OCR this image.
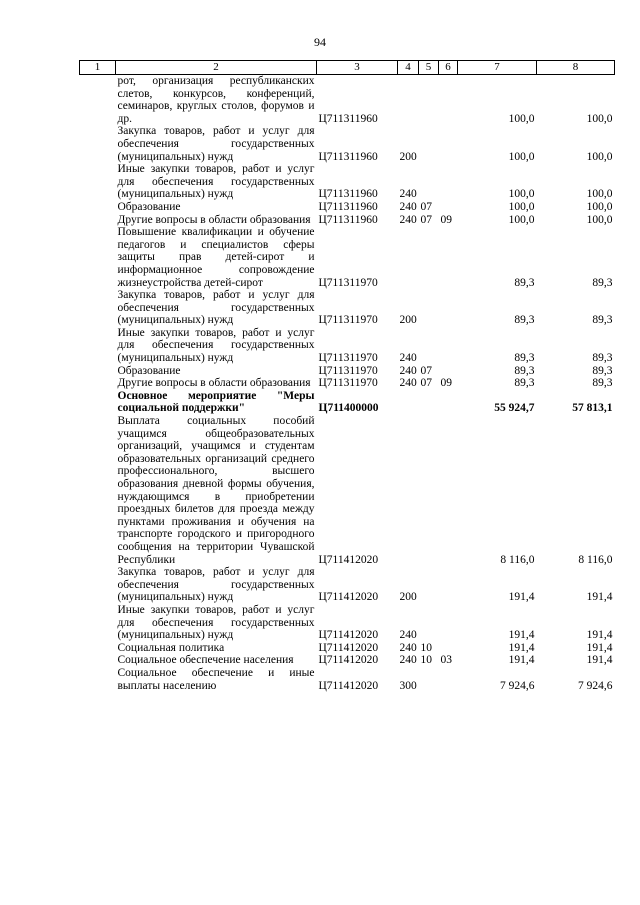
94
1	2	3	4	5	6	7	8
	рот, организация республиканских слетов, конкурсов, конференций, семинаров, круглых столов, форумов и др.	Ц711311960				100,0	100,0
	Закупка товаров, работ и услуг для обеспечения государственных (муниципальных) нужд	Ц711311960	200			100,0	100,0
	Иные закупки товаров, работ и услуг для обеспечения государственных (муниципальных) нужд	Ц711311960	240			100,0	100,0
	Образование	Ц711311960	240	07		100,0	100,0
	Другие вопросы в области образования	Ц711311960	240	07	09	100,0	100,0
	Повышение квалификации и обучение педагогов и специалистов сферы защиты прав детей-сирот и информационное сопровождение жизнеустройства детей-сирот	Ц711311970				89,3	89,3
	Закупка товаров, работ и услуг для обеспечения государственных (муниципальных) нужд	Ц711311970	200			89,3	89,3
	Иные закупки товаров, работ и услуг для обеспечения государственных (муниципальных) нужд	Ц711311970	240			89,3	89,3
	Образование	Ц711311970	240	07		89,3	89,3
	Другие вопросы в области образования	Ц711311970	240	07	09	89,3	89,3
	Основное мероприятие "Меры социальной поддержки"	Ц711400000				55 924,7	57 813,1
	Выплата социальных пособий учащимся общеобразовательных организаций, учащимся и студентам образовательных организаций среднего профессионального, высшего образования дневной формы обучения, нуждающимся в приобретении проездных билетов для проезда между пунктами проживания и обучения на транспорте городского и пригородного сообщения на территории Чувашской Республики	Ц711412020				8 116,0	8 116,0
	Закупка товаров, работ и услуг для обеспечения государственных (муниципальных) нужд	Ц711412020	200			191,4	191,4
	Иные закупки товаров, работ и услуг для обеспечения государственных (муниципальных) нужд	Ц711412020	240			191,4	191,4
	Социальная политика	Ц711412020	240	10		191,4	191,4
	Социальное обеспечение населения	Ц711412020	240	10	03	191,4	191,4
	Социальное обеспечение и иные выплаты населению	Ц711412020	300			7 924,6	7 924,6
